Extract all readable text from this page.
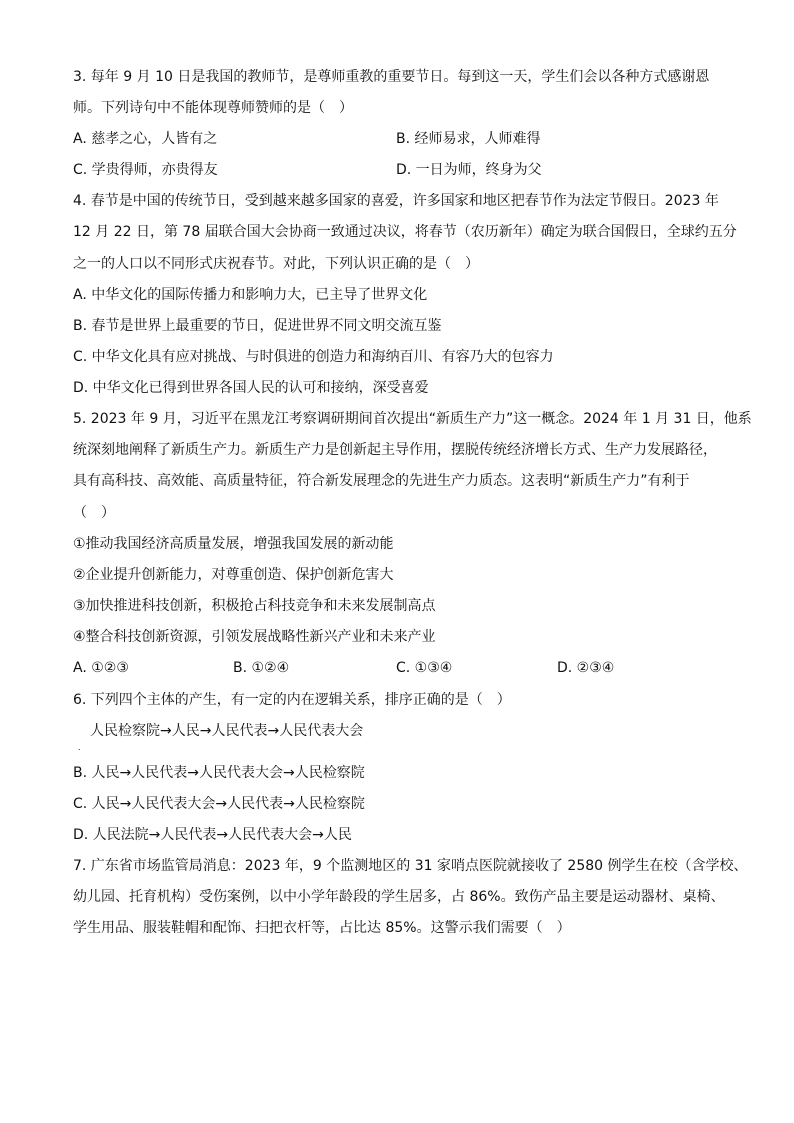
3. 每年 9 月 10 日是我国的教师节，是尊师重教的重要节日。每到这一天，学生们会以各种方式感谢恩
师。下列诗句中不能体现尊师赞师的是（　）
A. 慈孝之心，人皆有之	B. 经师易求，人师难得
C. 学贵得师，亦贵得友	D. 一日为师，终身为父
4. 春节是中国的传统节日，受到越来越多国家的喜爱，许多国家和地区把春节作为法定节假日。2023 年
12 月 22 日，第 78 届联合国大会协商一致通过决议，将春节（农历新年）确定为联合国假日，全球约五分
之一的人口以不同形式庆祝春节。对此，下列认识正确的是（　）
A. 中华文化的国际传播力和影响力大，已主导了世界文化
B. 春节是世界上最重要的节日，促进世界不同文明交流互鉴
C. 中华文化具有应对挑战、与时俱进的创造力和海纳百川、有容乃大的包容力
D. 中华文化已得到世界各国人民的认可和接纳，深受喜爱
5. 2023 年 9 月，习近平在黑龙江考察调研期间首次提出“新质生产力”这一概念。2024 年 1 月 31 日，他系
统深刻地阐释了新质生产力。新质生产力是创新起主导作用，摆脱传统经济增长方式、生产力发展路径，
具有高科技、高效能、高质量特征，符合新发展理念的先进生产力质态。这表明“新质生产力”有利于
（　）
①推动我国经济高质量发展，增强我国发展的新动能
②企业提升创新能力，对尊重创造、保护创新危害大
③加快推进科技创新，积极抢占科技竞争和未来发展制高点
④整合科技创新资源，引领发展战略性新兴产业和未来产业
A. ①②③	B. ①②④	C. ①③④	D. ②③④
6. 下列四个主体的产生，有一定的内在逻辑关系，排序正确的是（　）
人民检察院→人民→人民代表→人民代表大会
.
B. 人民→人民代表→人民代表大会→人民检察院
C. 人民→人民代表大会→人民代表→人民检察院
D. 人民法院→人民代表→人民代表大会→人民
7. 广东省市场监管局消息：2023 年，9 个监测地区的 31 家哨点医院就接收了 2580 例学生在校（含学校、
幼儿园、托育机构）受伤案例，以中小学年龄段的学生居多，占 86%。致伤产品主要是运动器材、桌椅、
学生用品、服装鞋帽和配饰、扫把衣杆等，占比达 85%。这警示我们需要（　）
